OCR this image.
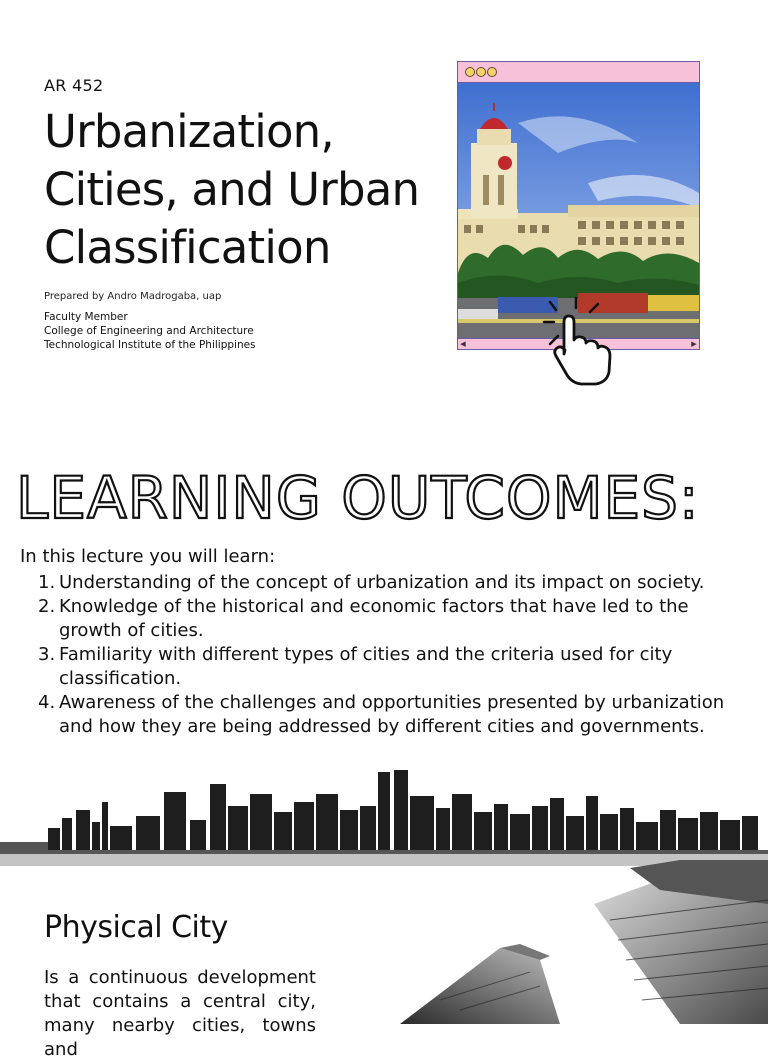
AR 452
Urbanization, Cities, and Urban Classification
Prepared by Andro Madrogaba, uap
Faculty Member
College of Engineering and Architecture
Technological Institute of the Philippines	◀	▶
LEARNING OUTCOMES:
In this lecture you will learn:
1. Understanding of the concept of urbanization and its impact on society.
2. Knowledge of the historical and economic factors that have led to the growth of cities.
3. Familiarity with different types of cities and the criteria used for city classification.
4. Awareness of the challenges and opportunities presented by urbanization and how they are being addressed by different cities and governments.
Physical City

Is a continuous development that contains a central city, many nearby cities, towns and
